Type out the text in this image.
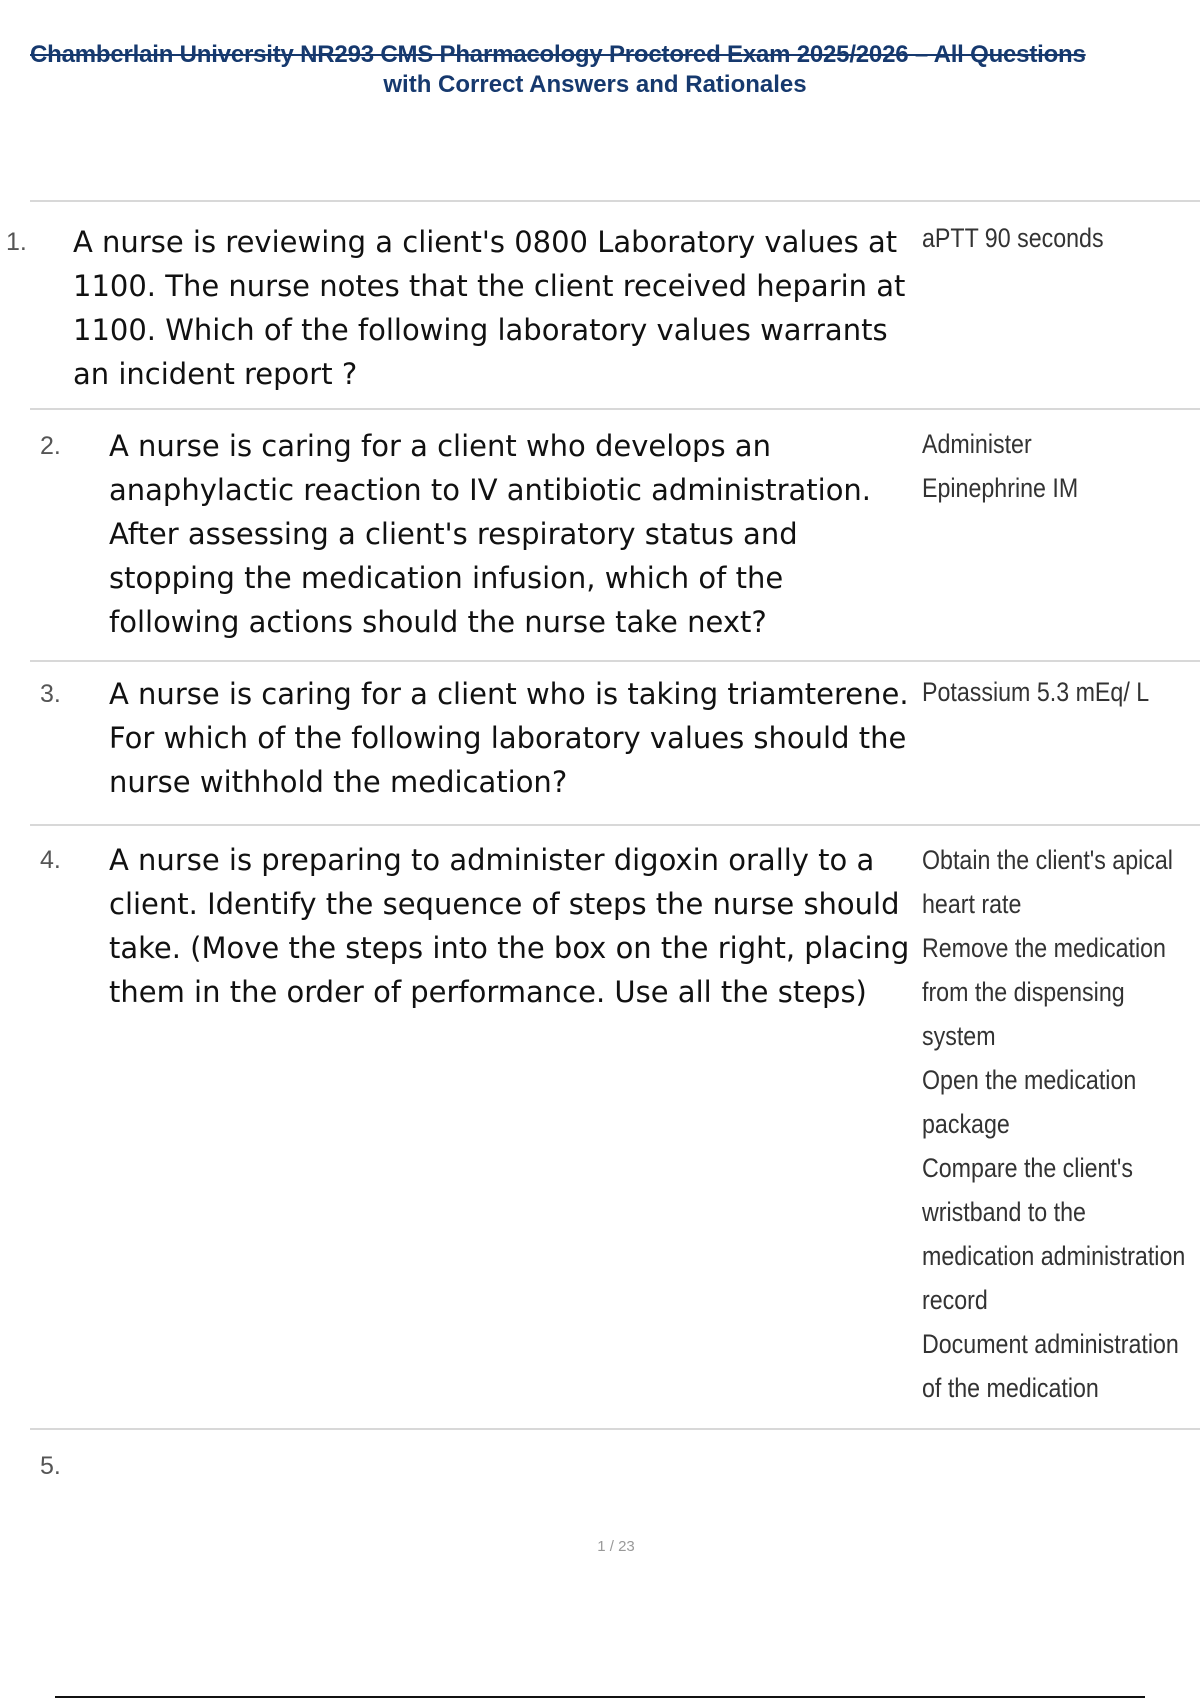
Chamberlain University NR293 CMS Pharmacology Proctored Exam 2025/2026 – All Questions
with Correct Answers and Rationales
1. A nurse is reviewing a client's 0800 Laboratory values at 1100. The nurse notes that the client received heparin at 1100. Which of the following laboratory values warrants an incident report ?
aPTT 90 seconds
2. A nurse is caring for a client who develops an anaphylactic reaction to IV antibiotic administration. After assessing a client's respiratory status and stopping the medication infusion, which of the following actions should the nurse take next?
Administer Epinephrine IM
3. A nurse is caring for a client who is taking triamterene. For which of the following laboratory values should the nurse withhold the medication?
Potassium 5.3 mEq/ L
4. A nurse is preparing to administer digoxin orally to a client. Identify the sequence of steps the nurse should take. (Move the steps into the box on the right, placing them in the order of performance. Use all the steps)
Obtain the client's apical heart rate
Remove the medication from the dispensing system
Open the medication package
Compare the client's wristband to the medication administration record
Document administration of the medication
5.
1 / 23
